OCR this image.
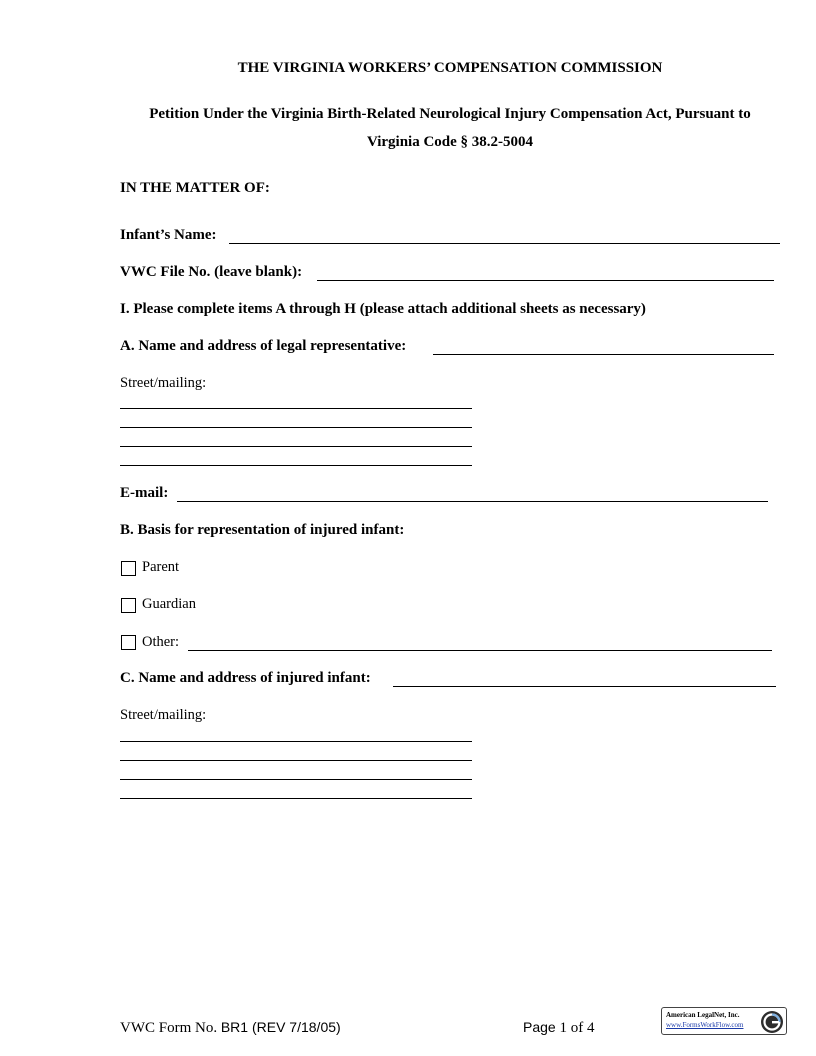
THE VIRGINIA WORKERS’ COMPENSATION COMMISSION
Petition Under the Virginia Birth-Related Neurological Injury Compensation Act, Pursuant to
Virginia Code § 38.2-5004
IN THE MATTER OF:
Infant’s Name:
VWC File No. (leave blank):
I. Please complete items A through H (please attach additional sheets as necessary)
A. Name and address of legal representative:
Street/mailing:
E-mail:
B. Basis for representation of injured infant:
Parent
Guardian
Other:
C. Name and address of injured infant:
Street/mailing:
VWC Form No. BR1 (REV 7/18/05)	Page 1 of 4
American LegalNet, Inc.
www.FormsWorkFlow.com
